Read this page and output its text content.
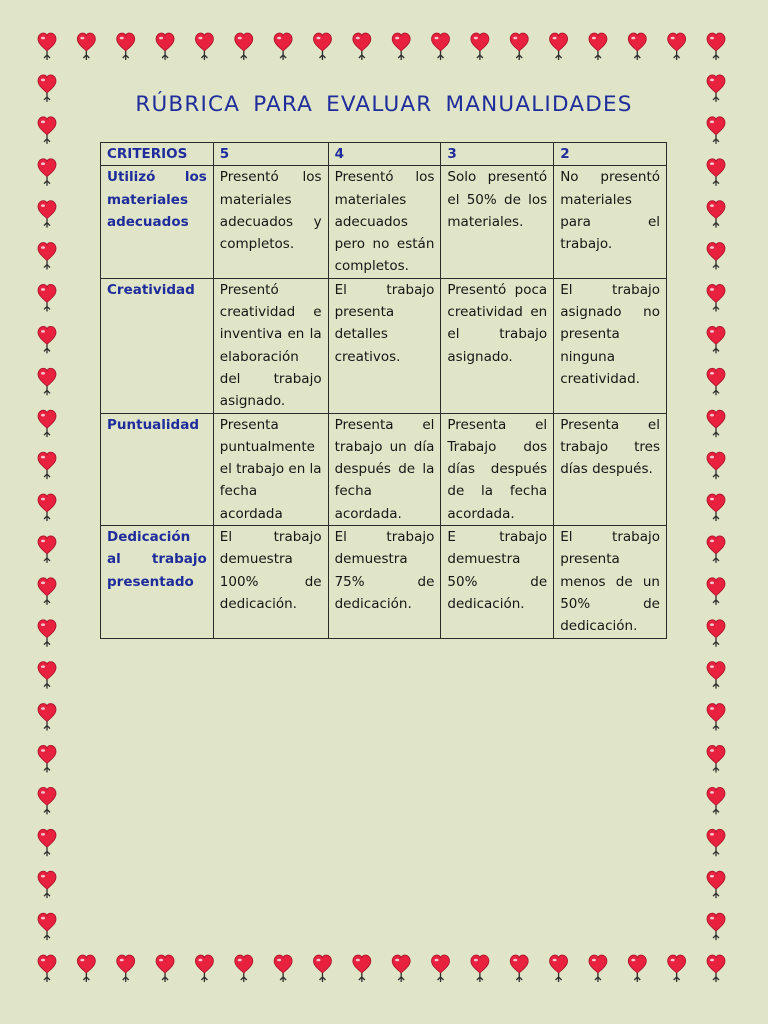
RÚBRICA PARA EVALUAR MANUALIDADES
CRITERIOS	5	4	3	2
Utilizó los materiales adecuados	Presentó los materiales adecuados y completos.	Presentó los materiales adecuados pero no están completos.	Solo presentó el 50% de los materiales.	No presentó materiales para el trabajo.
Creatividad	Presentó creatividad e inventiva en la elaboración del trabajo asignado.	El trabajo presenta detalles creativos.	Presentó poca creatividad en el trabajo asignado.	El trabajo asignado no presenta ninguna creatividad.
Puntualidad	Presenta puntualmente el trabajo en la fecha acordada	Presenta el trabajo un día después de la fecha acordada.	Presenta el Trabajo dos días después de la fecha acordada.	Presenta el trabajo tres días después.
Dedicación al trabajo presentado	El trabajo demuestra 100% de dedicación.	El trabajo demuestra 75% de dedicación.	E trabajo demuestra 50% de dedicación.	El trabajo presenta menos de un 50% de dedicación.
